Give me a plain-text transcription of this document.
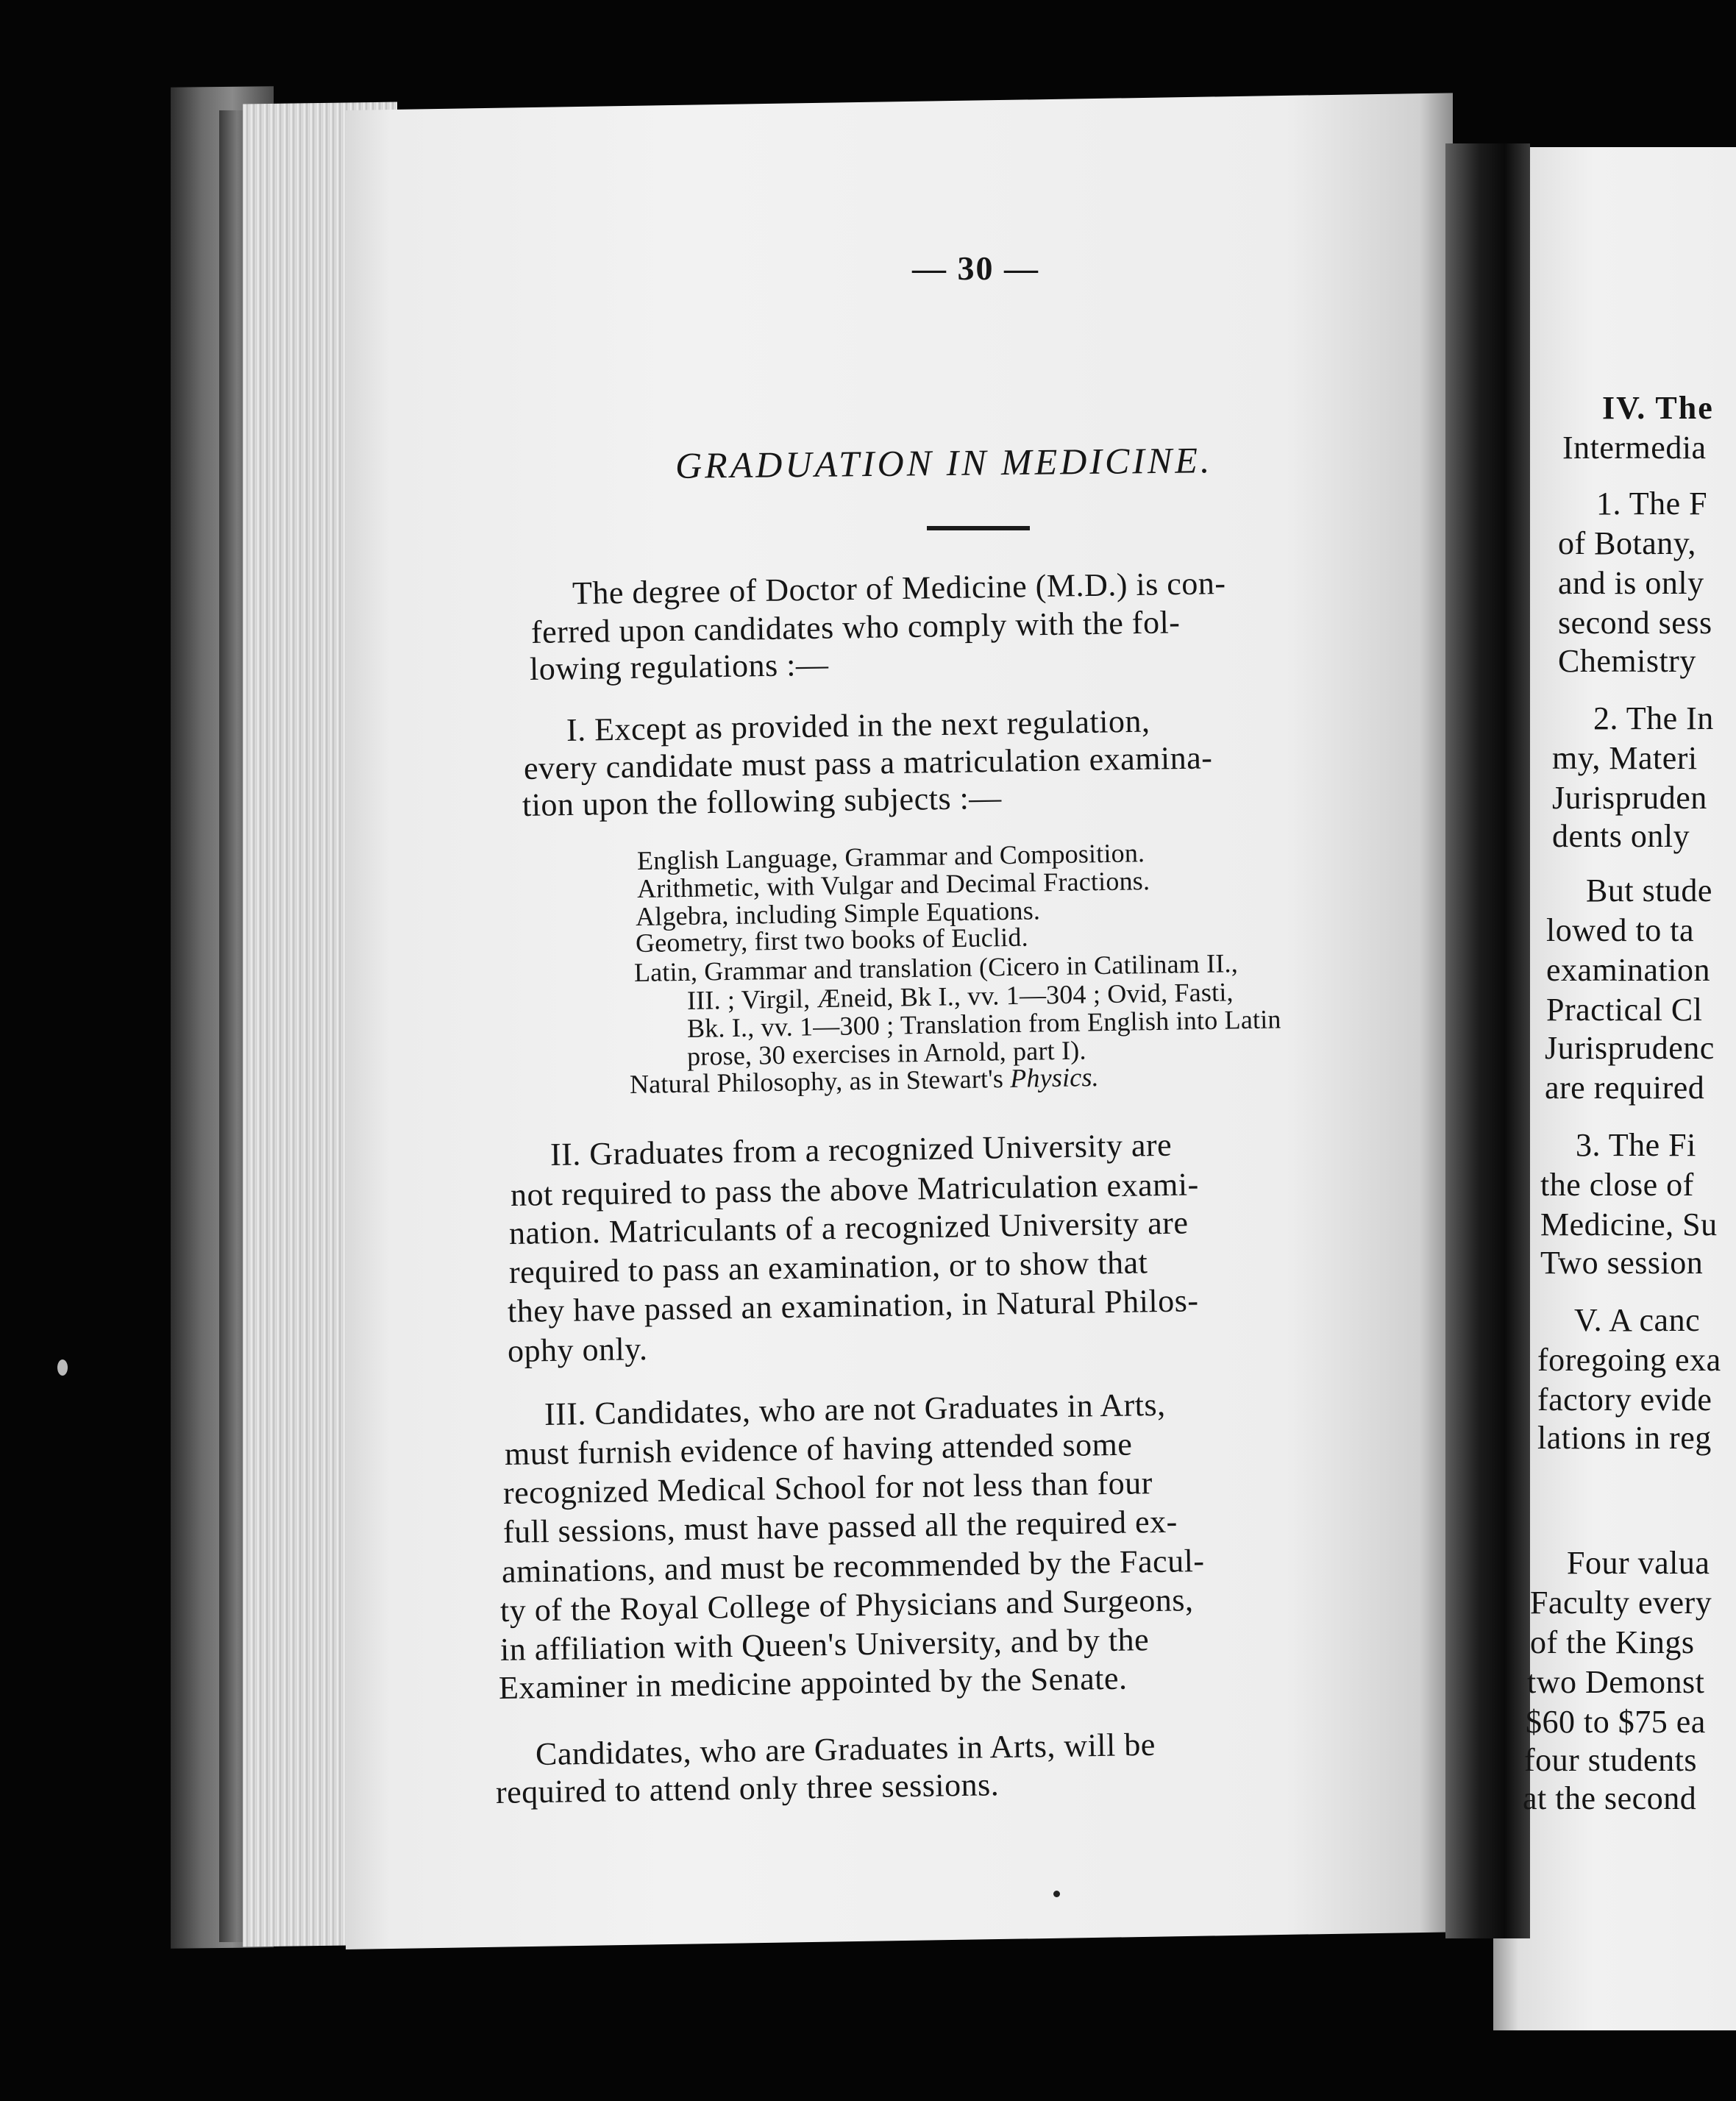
— 30 —
GRADUATION IN MEDICINE.
The degree of Doctor of Medicine (M.D.) is con-
ferred upon candidates who comply with the fol-
lowing regulations :—
I. Except as provided in the next regulation,
every candidate must pass a matriculation examina-
tion upon the following subjects :—
English Language, Grammar and Composition.
Arithmetic, with Vulgar and Decimal Fractions.
Algebra, including Simple Equations.
Geometry, first two books of Euclid.
Latin, Grammar and translation (Cicero in Catilinam II.,
III. ; Virgil, Æneid, Bk I., vv. 1—304 ; Ovid, Fasti,
Bk. I., vv. 1—300 ; Translation from English into Latin
prose, 30 exercises in Arnold, part I).
Natural Philosophy, as in Stewart's Physics.
II. Graduates from a recognized University are
not required to pass the above Matriculation exami-
nation. Matriculants of a recognized University are
required to pass an examination, or to show that
they have passed an examination, in Natural Philos-
ophy only.
III. Candidates, who are not Graduates in Arts,
must furnish evidence of having attended some
recognized Medical School for not less than four
full sessions, must have passed all the required ex-
aminations, and must be recommended by the Facul-
ty of the Royal College of Physicians and Surgeons,
in affiliation with Queen's University, and by the
Examiner in medicine appointed by the Senate.
Candidates, who are Graduates in Arts, will be
required to attend only three sessions.
IV. The
Intermedia
1. The F
of Botany,
and is only
second sess
Chemistry
2. The In
my, Materi
Jurispruden
dents only
But stude
lowed to ta
examination
Practical Cl
Jurisprudenc
are required
3. The Fi
the close of
Medicine, Su
Two session
V. A canc
foregoing exa
factory evide
lations in reg
Four valua
Faculty every
of the Kings
two Demonst
$60 to $75 ea
four students
at the second
